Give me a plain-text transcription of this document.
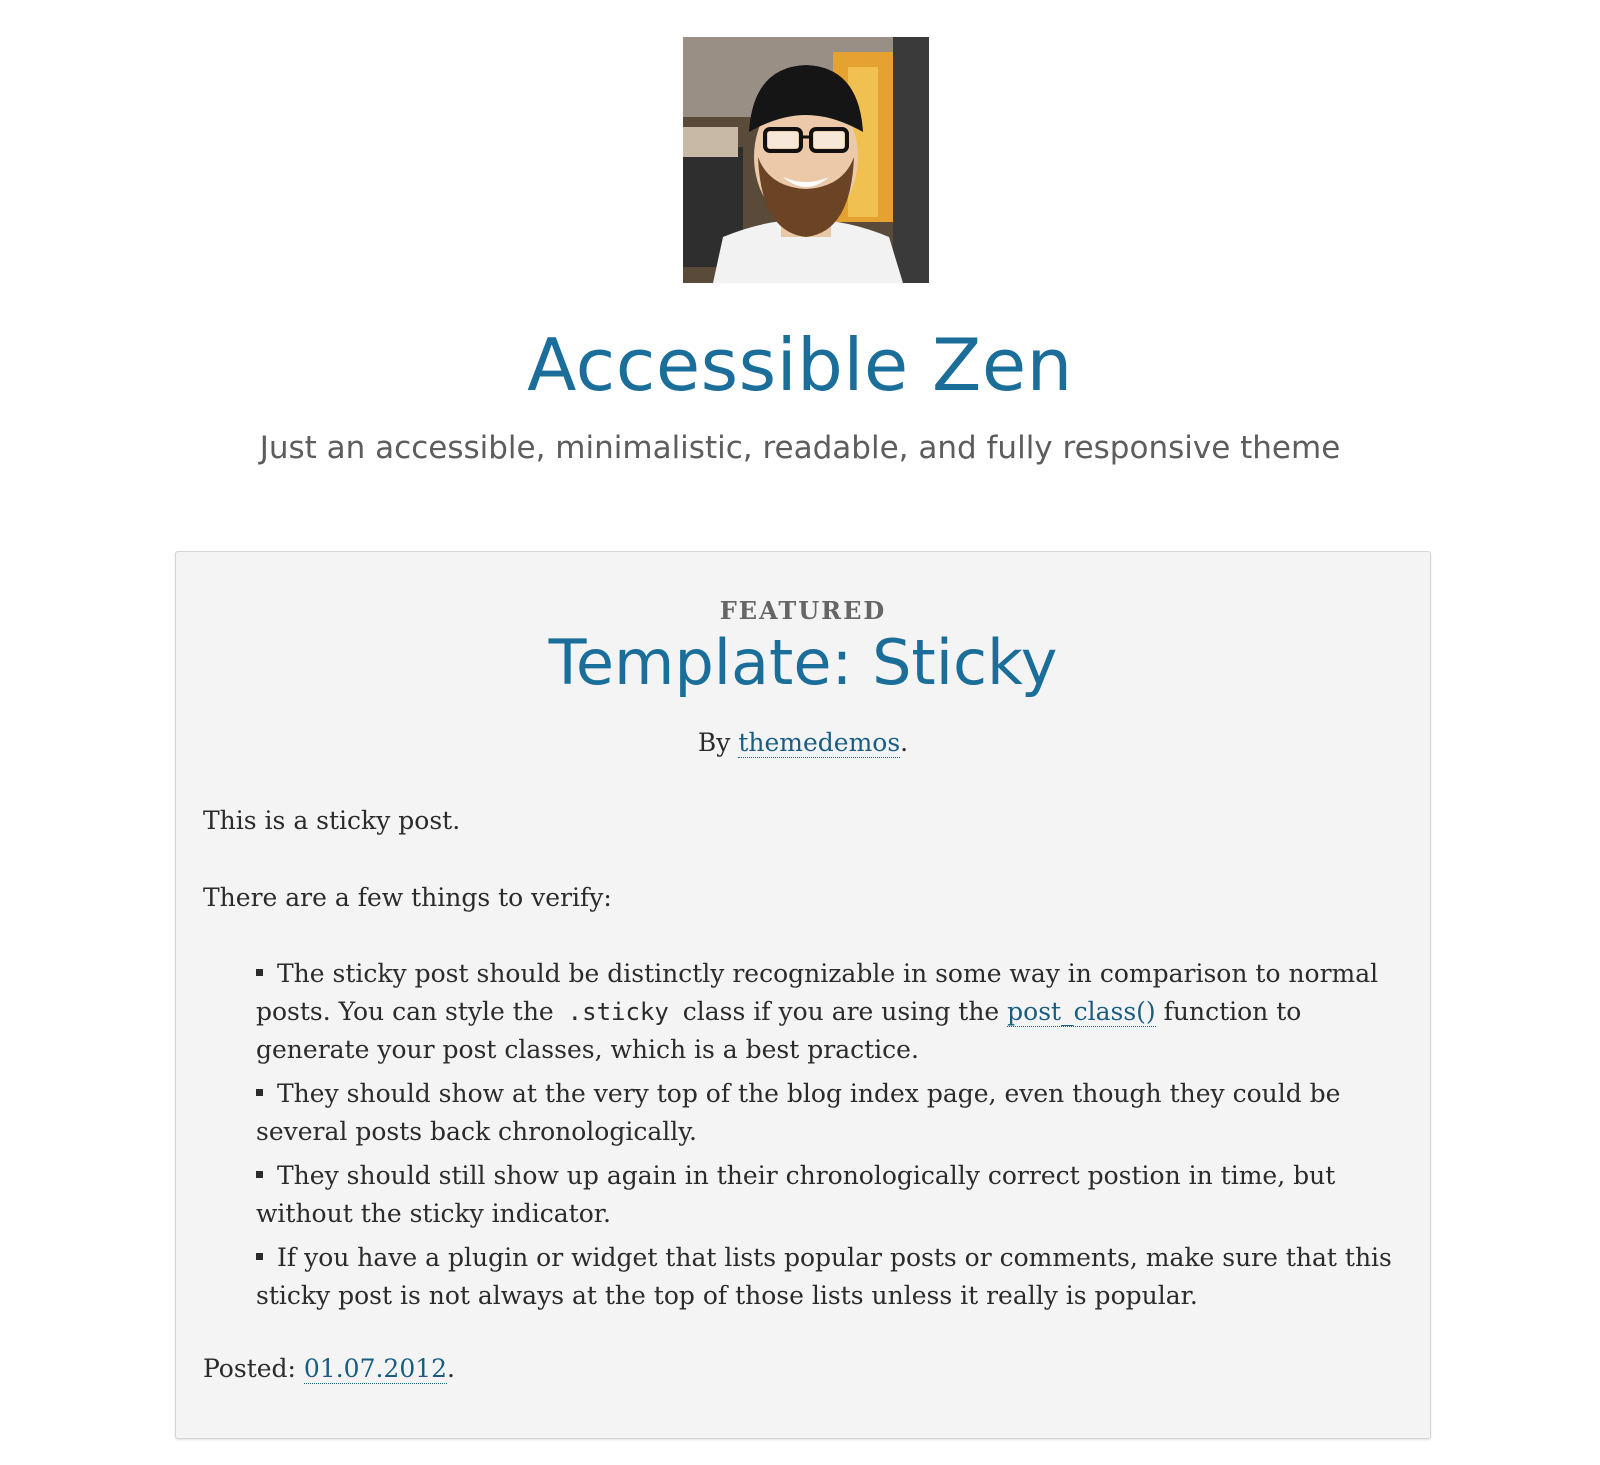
Accessible Zen
Just an accessible, minimalistic, readable, and fully responsive theme
FEATURED
Template: Sticky
By themedemos.

This is a sticky post.

There are a few things to verify:

The sticky post should be distinctly recognizable in some way in comparison to normal posts. You can style the .sticky class if you are using the post_class() function to generate your post classes, which is a best practice.
They should show at the very top of the blog index page, even though they could be several posts back chronologically.
They should still show up again in their chronologically correct postion in time, but without the sticky indicator.
If you have a plugin or widget that lists popular posts or comments, make sure that this sticky post is not always at the top of those lists unless it really is popular.

Posted: 01.07.2012.
